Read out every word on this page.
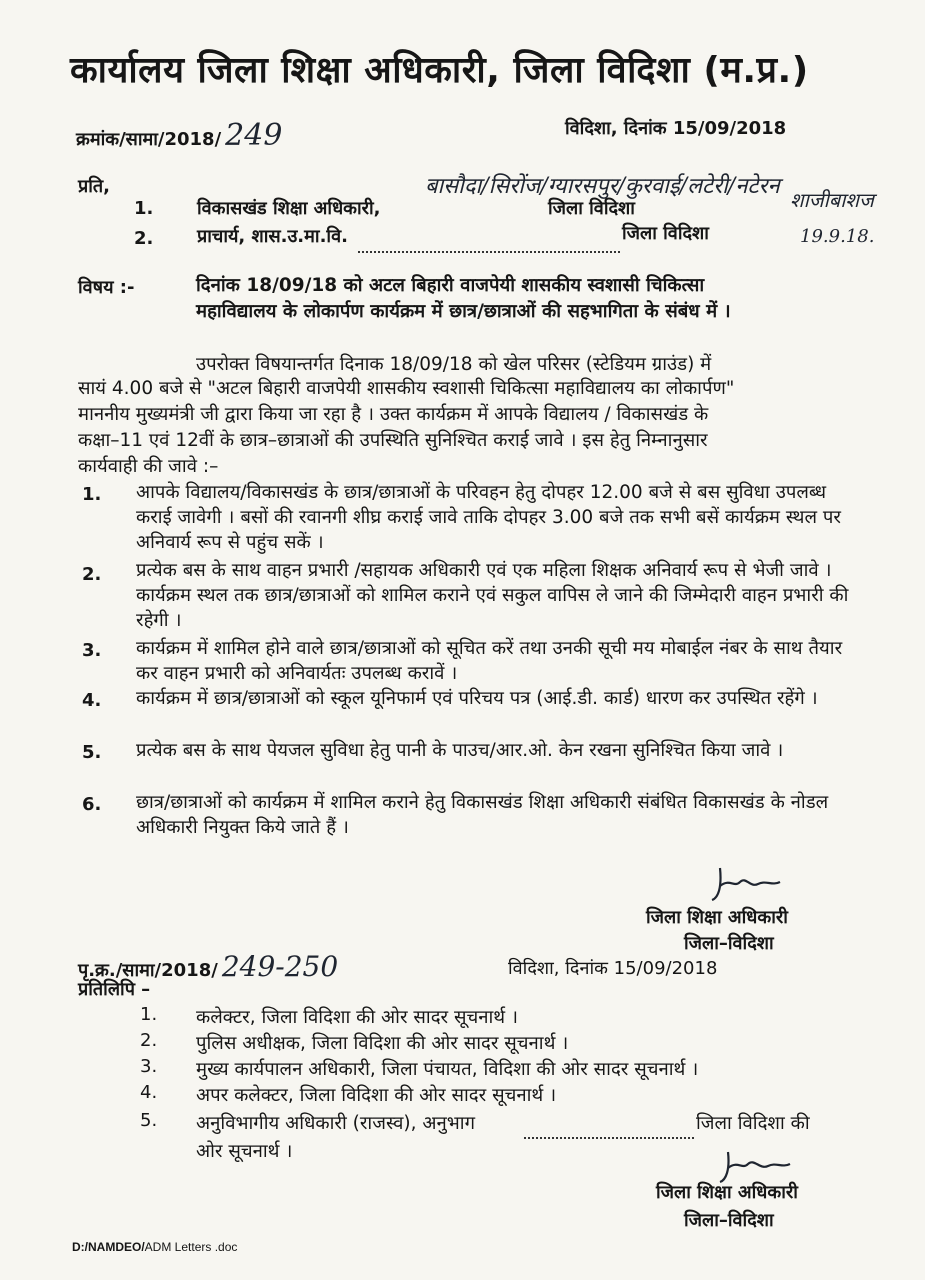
कार्यालय जिला शिक्षा अधिकारी, जिला विदिशा (म.प्र.)
क्रमांक/सामा/2018/ 249	विदिशा, दिनांक 15/09/2018
प्रति,
1. विकासखंड शिक्षा अधिकारी,
बासौदा/सिरोंज/ग्यारसपुर/कुरवाई/लटेरी/नटेरन
जिला विदिशा
2. प्राचार्य, शास.उ.मा.वि.	जिला विदिशा
शाजीबाशज
19.9.18.
विषय :-	दिनांक 18/09/18 को अटल बिहारी वाजपेयी शासकीय स्वशासी चिकित्सा
महाविद्यालय के लोकार्पण कार्यक्रम में छात्र/छात्राओं की सहभागिता के संबंध में ।
उपरोक्त विषयान्तर्गत दिनाक 18/09/18 को खेल परिसर (स्टेडियम ग्राउंड) में
सायं 4.00 बजे से "अटल बिहारी वाजपेयी शासकीय स्वशासी चिकित्सा महाविद्यालय का लोकार्पण"
माननीय मुख्यमंत्री जी द्वारा किया जा रहा है । उक्त कार्यक्रम में आपके विद्यालय / विकासखंड के
कक्षा–11 एवं 12वीं के छात्र–छात्राओं की उपस्थिति सुनिश्चित कराई जावे । इस हेतु निम्नानुसार
कार्यवाही की जावे :–
1. आपके विद्यालय/विकासखंड के छात्र/छात्राओं के परिवहन हेतु दोपहर 12.00 बजे से बस सुविधा उपलब्ध कराई जावेगी । बसों की रवानगी शीघ्र कराई जावे ताकि दोपहर 3.00 बजे तक सभी बसें कार्यक्रम स्थल पर अनिवार्य रूप से पहुंच सकें ।
2. प्रत्येक बस के साथ वाहन प्रभारी /सहायक अधिकारी एवं एक महिला शिक्षक अनिवार्य रूप से भेजी जावे । कार्यक्रम स्थल तक छात्र/छात्राओं को शामिल कराने एवं सकुल वापिस ले जाने की जिम्मेदारी वाहन प्रभारी की रहेगी ।
3. कार्यक्रम में शामिल होने वाले छात्र/छात्राओं को सूचित करें तथा उनकी सूची मय मोबाईल नंबर के साथ तैयार कर वाहन प्रभारी को अनिवार्यतः उपलब्ध करावें ।
4. कार्यक्रम में छात्र/छात्राओं को स्कूल यूनिफार्म एवं परिचय पत्र (आई.डी. कार्ड) धारण कर उपस्थित रहेंगे ।
5. प्रत्येक बस के साथ पेयजल सुविधा हेतु पानी के पाउच/आर.ओ. केन रखना सुनिश्चित किया जावे ।
6. छात्र/छात्राओं को कार्यक्रम में शामिल कराने हेतु विकासखंड शिक्षा अधिकारी संबंधित विकासखंड के नोडल अधिकारी नियुक्त किये जाते हैं ।
जिला शिक्षा अधिकारी
जिला–विदिशा
पृ.क्र./सामा/2018/ 249-250	विदिशा, दिनांक 15/09/2018
प्रतिलिपि –
1. कलेक्टर, जिला विदिशा की ओर सादर सूचनार्थ ।
2. पुलिस अधीक्षक, जिला विदिशा की ओर सादर सूचनार्थ ।
3. मुख्य कार्यपालन अधिकारी, जिला पंचायत, विदिशा की ओर सादर सूचनार्थ ।
4. अपर कलेक्टर, जिला विदिशा की ओर सादर सूचनार्थ ।
5. अनुविभागीय अधिकारी (राजस्व), अनुभाग	जिला विदिशा की
ओर सूचनार्थ ।
जिला शिक्षा अधिकारी
जिला–विदिशा
D:/NAMDEO/ADM Letters .doc
